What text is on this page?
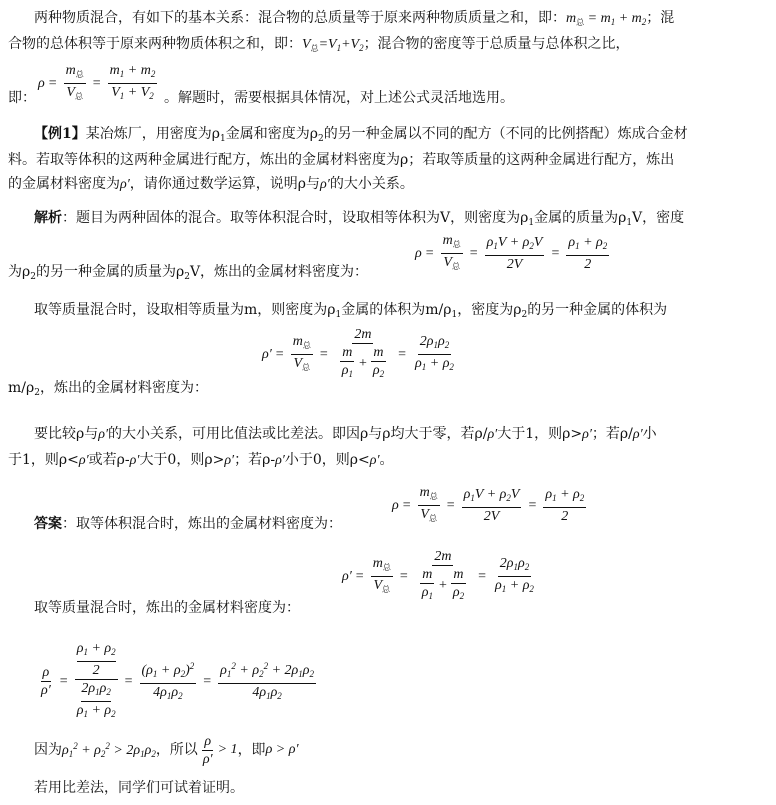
两种物质混合，有如下的基本关系：混合物的总质量等于原来两种物质质量之和，即：$m_总 = m_1 + m_2$；混
合物的总体积等于原来两种物质体积之和，即：$V_总=V_1+V_2$；混合物的密度等于总质量与总体积之比，
$\rho = \frac{m_总}{V_总} = \frac{m_1 + m_2}{V_1 + V_2}$
即：	。解题时，需要根据具体情况，对上述公式灵活地选用。
【例1】某冶炼厂，用密度为$\rho_1$金属和密度为$\rho_2$的另一种金属以不同的配方（不同的比例搭配）炼成合金材
料。若取等体积的这两种金属进行配方，炼出的金属材料密度为ρ；若取等质量的这两种金属进行配方，炼出
的金属材料密度为ρ′，请你通过数学运算，说明ρ与ρ′的大小关系。
解析：题目为两种固体的混合。取等体积混合时，设取相等体积为V，则密度为$\rho_1$金属的质量为$\rho_1V$，密度
$\rho = \frac{m_总}{V_总} = \frac{\rho_1V + \rho_2V}{2V} = \frac{\rho_1 + \rho_2}{2}$
为$\rho_2$的另一种金属的质量为$\rho_2V$，炼出的金属材料密度为：
取等质量混合时，设取相等质量为m，则密度为$\rho_1$金属的体积为$m/\rho_1$，密度为$\rho_2$的另一种金属的体积为
$\rho' = \frac{m_总}{V_总} = \frac{2m}{\frac{m}{\rho_1} + \frac{m}{\rho_2}} = \frac{2\rho_1\rho_2}{\rho_1 + \rho_2}$
$m/\rho_2$，炼出的金属材料密度为：
要比较ρ与ρ′的大小关系，可用比值法或比差法。即因ρ与ρ均大于零，若ρ/ρ′大于1，则ρ>ρ′；若ρ/ρ′小
于1，则ρ<ρ′或若ρ-ρ′大于0，则ρ>ρ′；若ρ-ρ′小于0，则ρ<ρ′。
$\rho = \frac{m_总}{V_总} = \frac{\rho_1V + \rho_2V}{2V} = \frac{\rho_1 + \rho_2}{2}$
答案：取等体积混合时，炼出的金属材料密度为：
$\rho' = \frac{m_总}{V_总} = \frac{2m}{\frac{m}{\rho_1} + \frac{m}{\rho_2}} = \frac{2\rho_1\rho_2}{\rho_1 + \rho_2}$
取等质量混合时，炼出的金属材料密度为：
$\frac{\rho}{\rho'} = \rho_1 + \rho_2$
2
$2\rho_1\rho_2$
$\rho_1 + \rho_2 = \frac{(\rho_1 + \rho_2)^2}{4\rho_1\rho_2} = \frac{\rho_1^2 + \rho_2^2 + 2\rho_1\rho_2}{4\rho_1\rho_2}$
因为 $\rho_1^2 + \rho_2^2 > 2\rho_1\rho_2$ ，所以 $\frac{\rho}{\rho'} > 1$ ，即 ρ > ρ′
若用比差法，同学们可试着证明。
